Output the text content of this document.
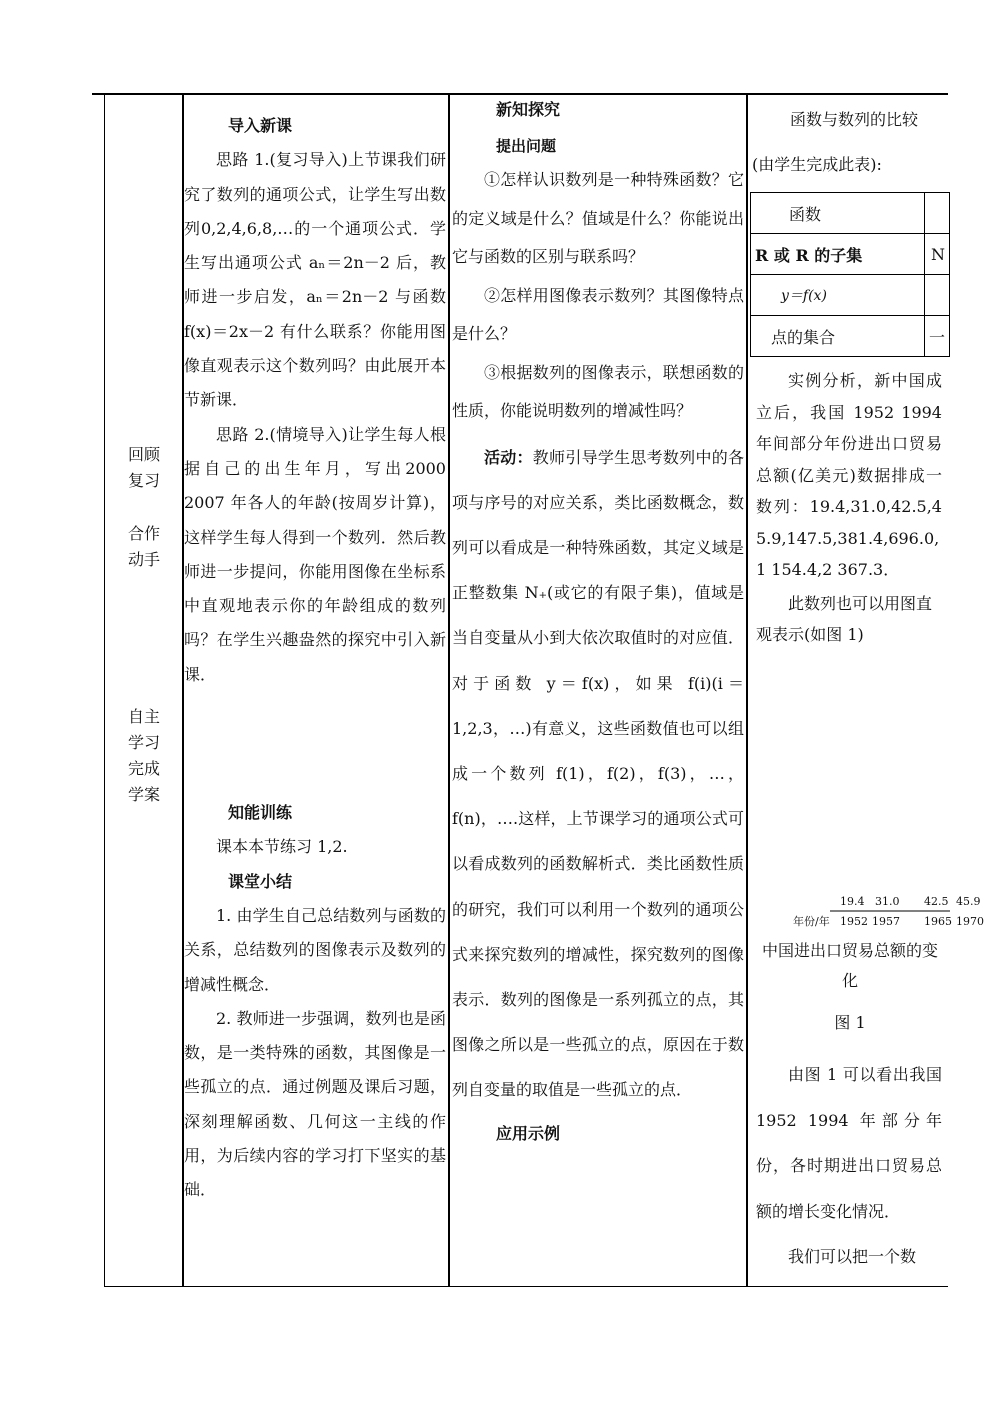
回顾
复习
合作
动手
自主
学习
完成
学案

导入新课

思路 1.(复习导入)上节课我们研究了数列的通项公式，让学生写出数列0,2,4,6,8,…的一个通项公式．学生写出通项公式 aₙ＝2n－2 后，教师进一步启发，aₙ＝2n－2 与函数 f(x)＝2x－2 有什么联系？你能用图像直观表示这个数列吗？由此展开本节新课．

思路 2.(情境导入)让学生每人根据自己的出生年月，写出2000 2007 年各人的年龄(按周岁计算)，这样学生每人得到一个数列．然后教师进一步提问，你能用图像在坐标系中直观地表示你的年龄组成的数列吗？在学生兴趣盎然的探究中引入新课．

知能训练

课本本节练习 1,2.

课堂小结

1. 由学生自己总结数列与函数的关系，总结数列的图像表示及数列的增减性概念．

2. 教师进一步强调，数列也是函数，是一类特殊的函数，其图像是一些孤立的点．通过例题及课后习题，深刻理解函数、几何这一主线的作用，为后续内容的学习打下坚实的基础．

新知探究

提出问题

①怎样认识数列是一种特殊函数？它的定义域是什么？值域是什么？你能说出它与函数的区别与联系吗？

②怎样用图像表示数列？其图像特点是什么？

③根据数列的图像表示，联想函数的性质，你能说明数列的增减性吗？

活动：教师引导学生思考数列中的各项与序号的对应关系，类比函数概念，数列可以看成是一种特殊函数，其定义域是正整数集 N₊(或它的有限子集)，值域是当自变量从小到大依次取值时的对应值．对于函数 y＝f(x)，如果 f(i)(i＝1,2,3，…)有意义，这些函数值也可以组成一个数列 f(1)，f(2)，f(3)，…，f(n)，….这样，上节课学习的通项公式可以看成数列的函数解析式．类比函数性质的研究，我们可以利用一个数列的通项公式来探究数列的增减性，探究数列的图像表示．数列的图像是一系列孤立的点，其图像之所以是一些孤立的点，原因在于数列自变量的取值是一些孤立的点．

应用示例

函数与数列的比较

(由学生完成此表):

函数	
R 或 R 的子集	N
y＝f(x)	
点的集合	一

实例分析，新中国成立后，我国 1952 1994 年间部分年份进出口贸易总额(亿美元)数据排成一数列：19.4,31.0,42.5,45.9,147.5,381.4,696.0,1 154.4,2 367.3．

此数列也可以用图直观表示(如图 1)

19.4 31.0 42.5 45.9
年份/年 1952 1957 1965 1970
中国进出口贸易总额的变化
图 1

由图 1 可以看出我国 1952 1994 年部分年份，各时期进出口贸易总额的增长变化情况．

我们可以把一个数
